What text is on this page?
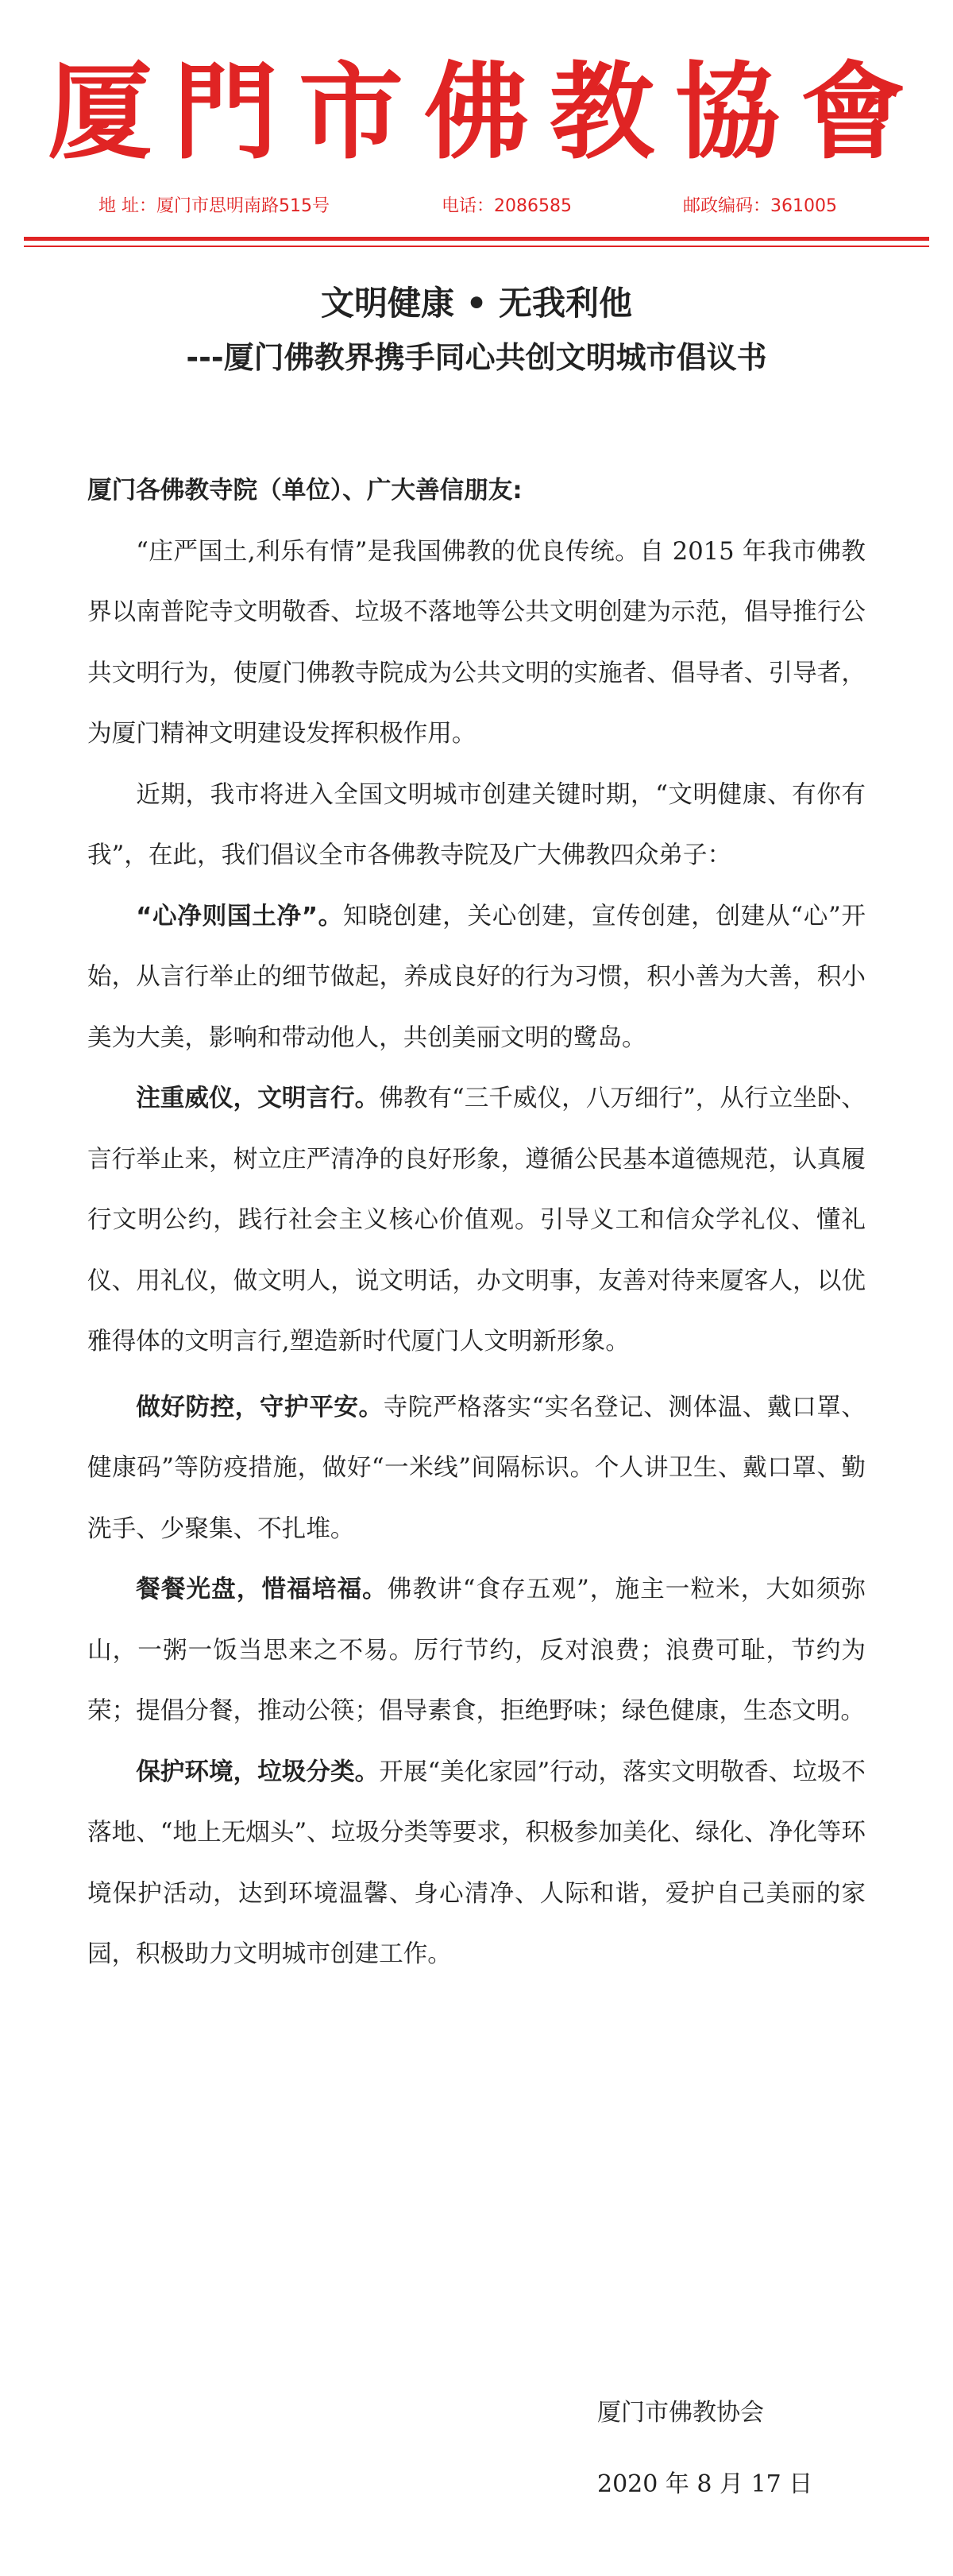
厦門市佛教協會
地 址：厦门市思明南路515号	电话：2086585	邮政编码：361005
文明健康 • 无我利他
---厦门佛教界携手同心共创文明城市倡议书
厦门各佛教寺院（单位）、广大善信朋友:

“庄严国土,利乐有情”是我国佛教的优良传统。自 2015 年我市佛教界以南普陀寺文明敬香、垃圾不落地等公共文明创建为示范，倡导推行公共文明行为，使厦门佛教寺院成为公共文明的实施者、倡导者、引导者，为厦门精神文明建设发挥积极作用。

近期，我市将进入全国文明城市创建关键时期，“文明健康、有你有我”，在此，我们倡议全市各佛教寺院及广大佛教四众弟子：

“心净则国土净”。知晓创建，关心创建，宣传创建，创建从“心”开始，从言行举止的细节做起，养成良好的行为习惯，积小善为大善，积小美为大美，影响和带动他人，共创美丽文明的鹭岛。

注重威仪，文明言行。佛教有“三千威仪，八万细行”，从行立坐卧、言行举止来，树立庄严清净的良好形象，遵循公民基本道德规范，认真履行文明公约，践行社会主义核心价值观。引导义工和信众学礼仪、懂礼仪、用礼仪，做文明人，说文明话，办文明事，友善对待来厦客人，以优雅得体的文明言行,塑造新时代厦门人文明新形象。

做好防控，守护平安。寺院严格落实“实名登记、测体温、戴口罩、健康码”等防疫措施，做好“一米线”间隔标识。个人讲卫生、戴口罩、勤洗手、少聚集、不扎堆。

餐餐光盘，惜福培福。佛教讲“食存五观”，施主一粒米，大如须弥山，一粥一饭当思来之不易。厉行节约，反对浪费；浪费可耻，节约为荣；提倡分餐，推动公筷；倡导素食，拒绝野味；绿色健康，生态文明。

保护环境，垃圾分类。开展“美化家园”行动，落实文明敬香、垃圾不落地、“地上无烟头”、垃圾分类等要求，积极参加美化、绿化、净化等环境保护活动，达到环境温馨、身心清净、人际和谐，爱护自己美丽的家园，积极助力文明城市创建工作。

厦门市佛教协会
2020 年 8 月 17 日
